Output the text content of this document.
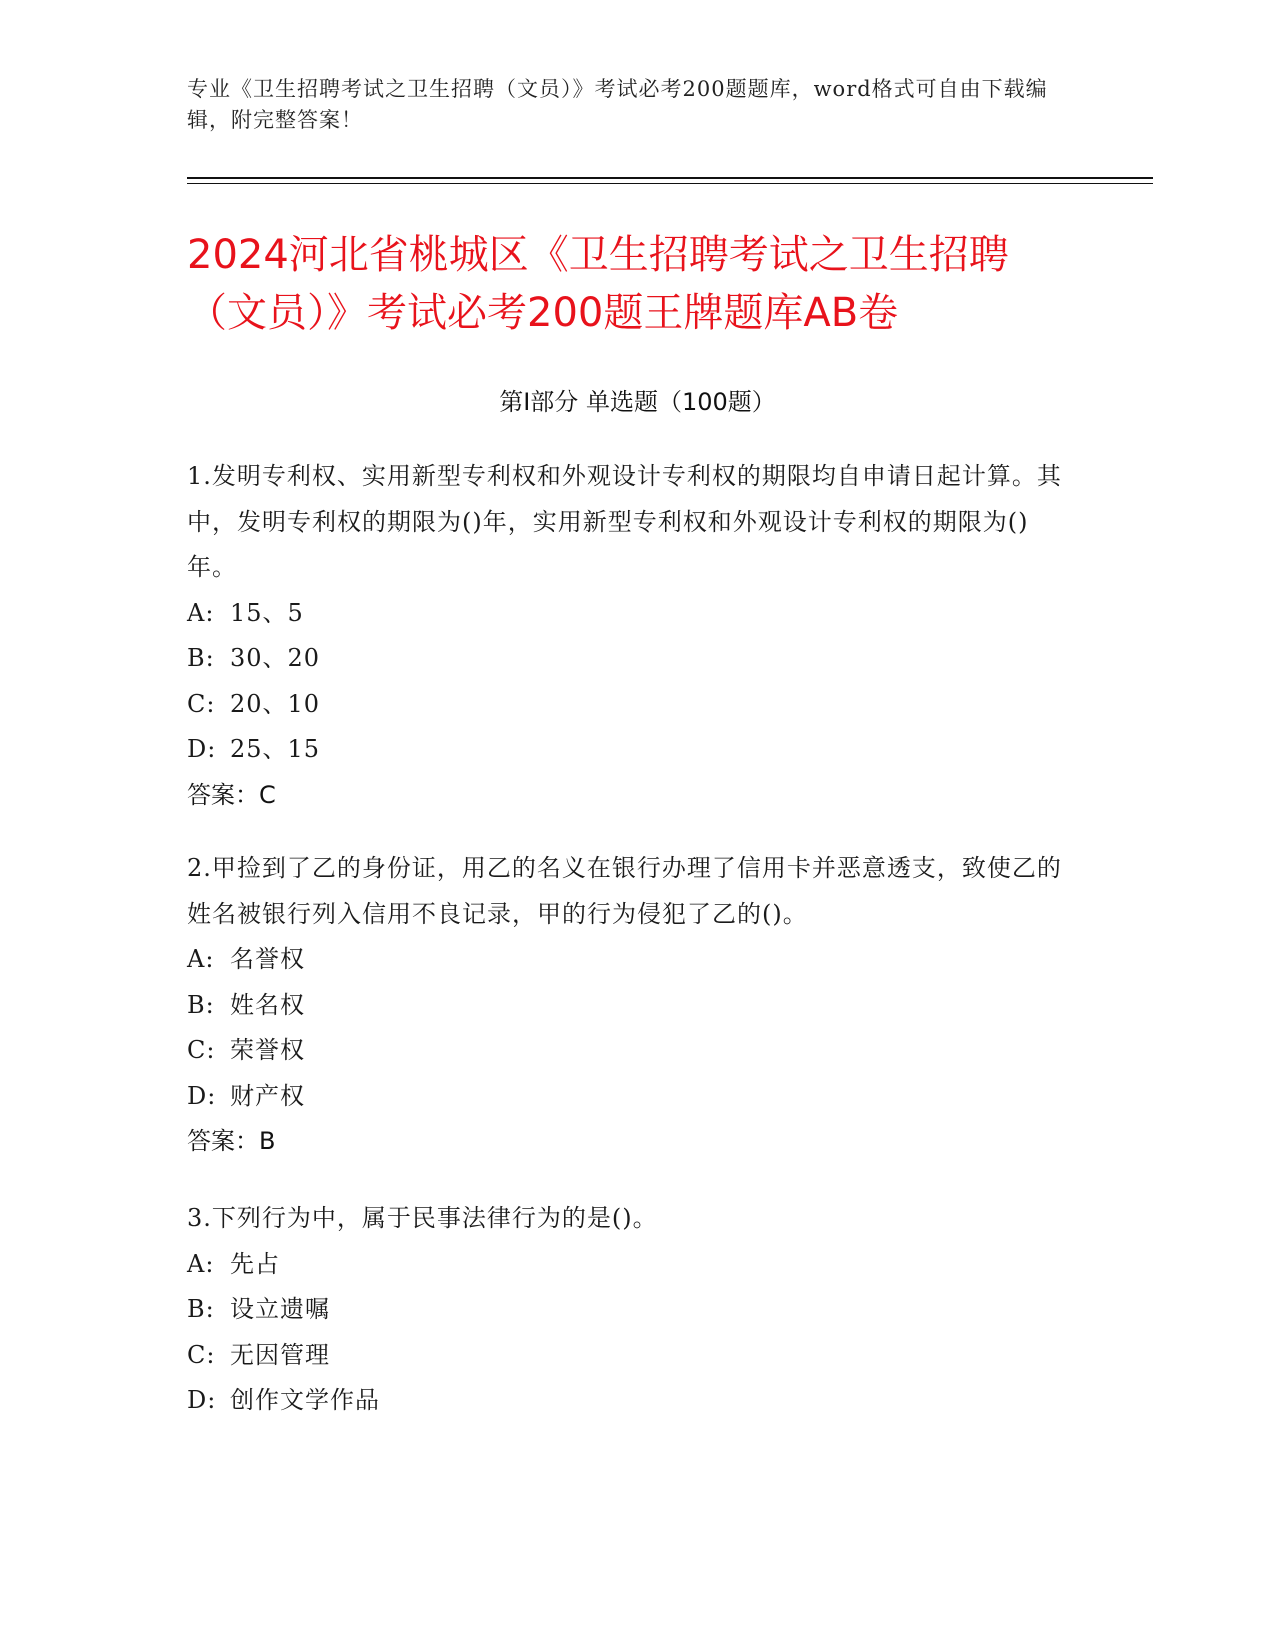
专业《卫生招聘考试之卫生招聘（文员）》考试必考200题题库，word格式可自由下载编辑，附完整答案！
2024河北省桃城区《卫生招聘考试之卫生招聘（文员）》考试必考200题王牌题库AB卷
第Ⅰ部分 单选题（100题）

1.发明专利权、实用新型专利权和外观设计专利权的期限均自申请日起计算。其中，发明专利权的期限为()年，实用新型专利权和外观设计专利权的期限为()年。

A: 15、5

B: 30、20

C: 20、10

D: 25、15

答案：C

2.甲捡到了乙的身份证，用乙的名义在银行办理了信用卡并恶意透支，致使乙的姓名被银行列入信用不良记录，甲的行为侵犯了乙的()。

A: 名誉权

B: 姓名权

C: 荣誉权

D: 财产权

答案：B

3.下列行为中，属于民事法律行为的是()。

A: 先占

B: 设立遗嘱

C: 无因管理

D: 创作文学作品
